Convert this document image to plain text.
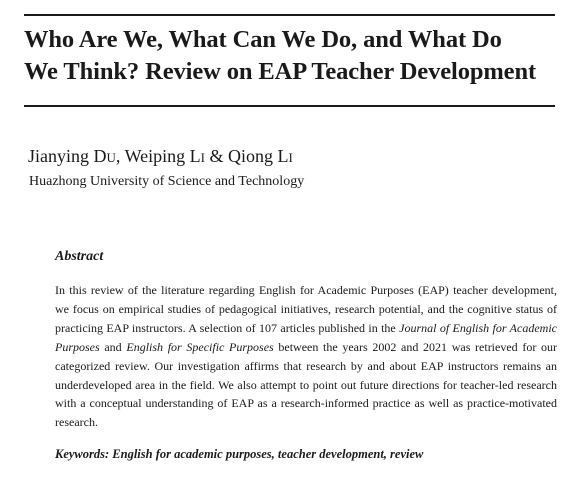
Who Are We, What Can We Do, and What Do
We Think? Review on EAP Teacher Development

Jianying Du, Weiping Li & Qiong Li

Huazhong University of Science and Technology

Abstract

In this review of the literature regarding English for Academic Purposes (EAP) teacher development, we focus on empirical studies of pedagogical initiatives, research potential, and the cognitive status of practicing EAP instructors. A selection of 107 articles published in the Journal of English for Academic Purposes and English for Specific Purposes between the years 2002 and 2021 was retrieved for our categorized review. Our investigation affirms that research by and about EAP instructors remains an underdeveloped area in the field. We also attempt to point out future directions for teacher-led research with a conceptual understanding of EAP as a research-informed practice as well as practice-motivated research.

Keywords: English for academic purposes, teacher development, review
